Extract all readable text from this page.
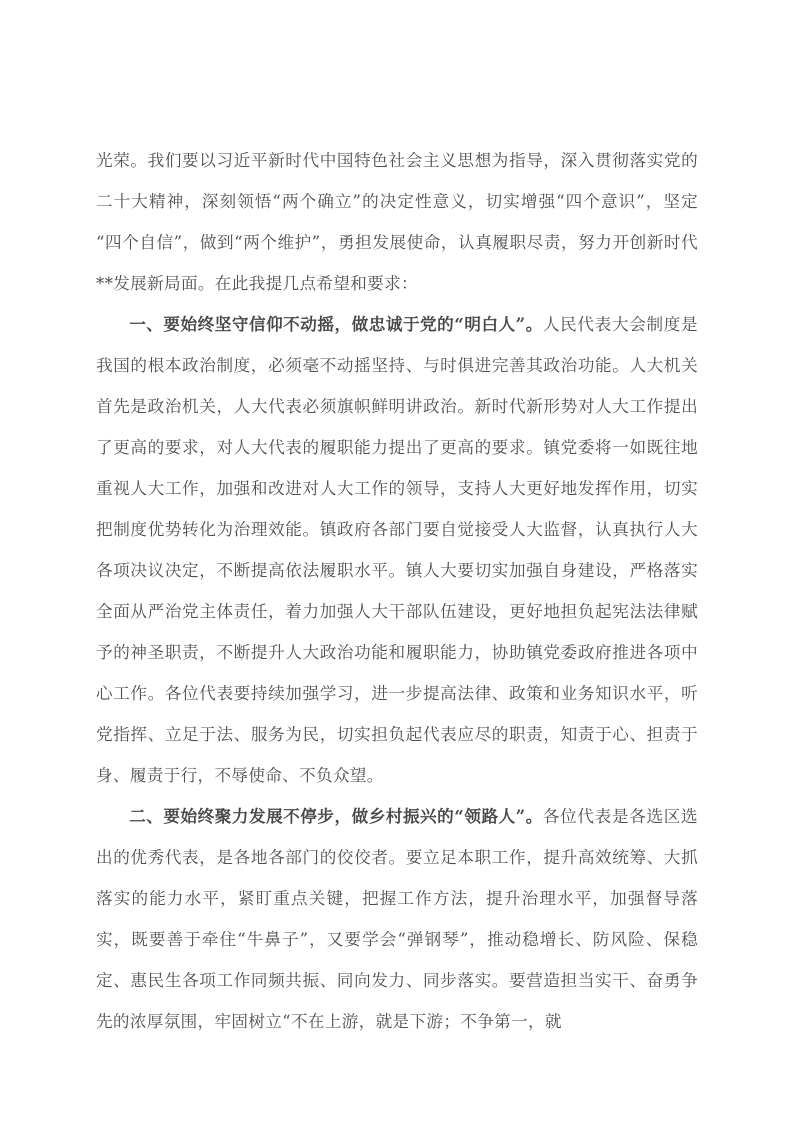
光荣。我们要以习近平新时代中国特色社会主义思想为指导，深入贯彻落实党的二十大精神，深刻领悟“两个确立”的决定性意义，切实增强“四个意识”，坚定“四个自信”，做到“两个维护”，勇担发展使命，认真履职尽责，努力开创新时代**发展新局面。在此我提几点希望和要求：

一、要始终坚守信仰不动摇，做忠诚于党的“明白人”。人民代表大会制度是我国的根本政治制度，必须毫不动摇坚持、与时俱进完善其政治功能。人大机关首先是政治机关，人大代表必须旗帜鲜明讲政治。新时代新形势对人大工作提出了更高的要求，对人大代表的履职能力提出了更高的要求。镇党委将一如既往地重视人大工作，加强和改进对人大工作的领导，支持人大更好地发挥作用，切实把制度优势转化为治理效能。镇政府各部门要自觉接受人大监督，认真执行人大各项决议决定，不断提高依法履职水平。镇人大要切实加强自身建设，严格落实全面从严治党主体责任，着力加强人大干部队伍建设，更好地担负起宪法法律赋予的神圣职责，不断提升人大政治功能和履职能力，协助镇党委政府推进各项中心工作。各位代表要持续加强学习，进一步提高法律、政策和业务知识水平，听党指挥、立足于法、服务为民，切实担负起代表应尽的职责，知责于心、担责于身、履责于行，不辱使命、不负众望。

二、要始终聚力发展不停步，做乡村振兴的“领路人”。各位代表是各选区选出的优秀代表，是各地各部门的佼佼者。要立足本职工作，提升高效统筹、大抓落实的能力水平，紧盯重点关键，把握工作方法，提升治理水平，加强督导落实，既要善于牵住“牛鼻子”，又要学会“弹钢琴”，推动稳增长、防风险、保稳定、惠民生各项工作同频共振、同向发力、同步落实。要营造担当实干、奋勇争先的浓厚氛围，牢固树立“不在上游，就是下游；不争第一，就
